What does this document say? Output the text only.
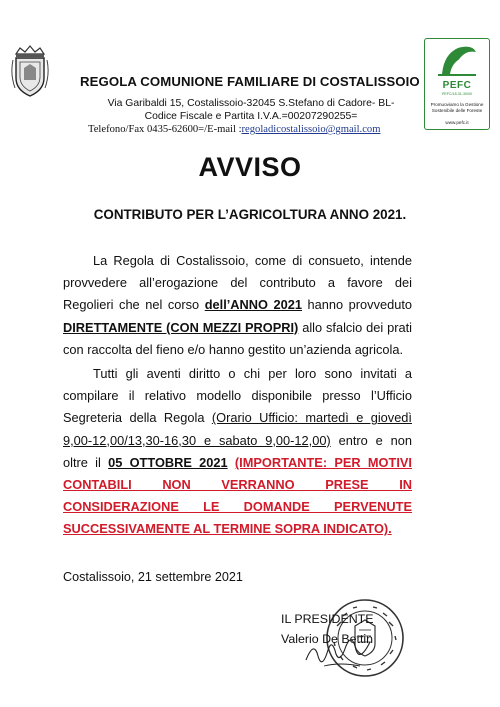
REGOLA COMUNIONE FAMILIARE DI COSTALISSOIO
Via Garibaldi 15, Costalissoio-32045 S.Stefano di Cadore- BL-
Codice Fiscale e Partita I.V.A.=00207290255=
Telefono/Fax 0435-62600=/E-mail :regoladicostalissoio@gmail.com
PEFC
PEFC/18-31-30/00
Promuoviamo la Gestione Sostenibile delle Foreste
www.pefc.it
AVVISO
CONTRIBUTO PER L’AGRICOLTURA ANNO 2021.

La Regola di Costalissoio, come di consueto, intende provvedere all’erogazione del contributo a favore dei Regolieri che nel corso dell’ANNO 2021 hanno provveduto DIRETTAMENTE (CON MEZZI PROPRI) allo sfalcio dei prati con raccolta del fieno e/o hanno gestito un’azienda agricola.

Tutti gli aventi diritto o chi per loro sono invitati a compilare il relativo modello disponibile presso l’Ufficio Segreteria della Regola (Orario Ufficio: martedì e giovedì 9,00-12,00/13,30-16,30 e sabato 9,00-12,00) entro e non oltre il 05 OTTOBRE 2021 (IMPORTANTE: PER MOTIVI CONTABILI NON VERRANNO PRESE IN CONSIDERAZIONE LE DOMANDE PERVENUTE SUCCESSIVAMENTE AL TERMINE SOPRA INDICATO).

Costalissoio, 21 settembre 2021
IL PRESIDENTE
Valerio De Bettin
